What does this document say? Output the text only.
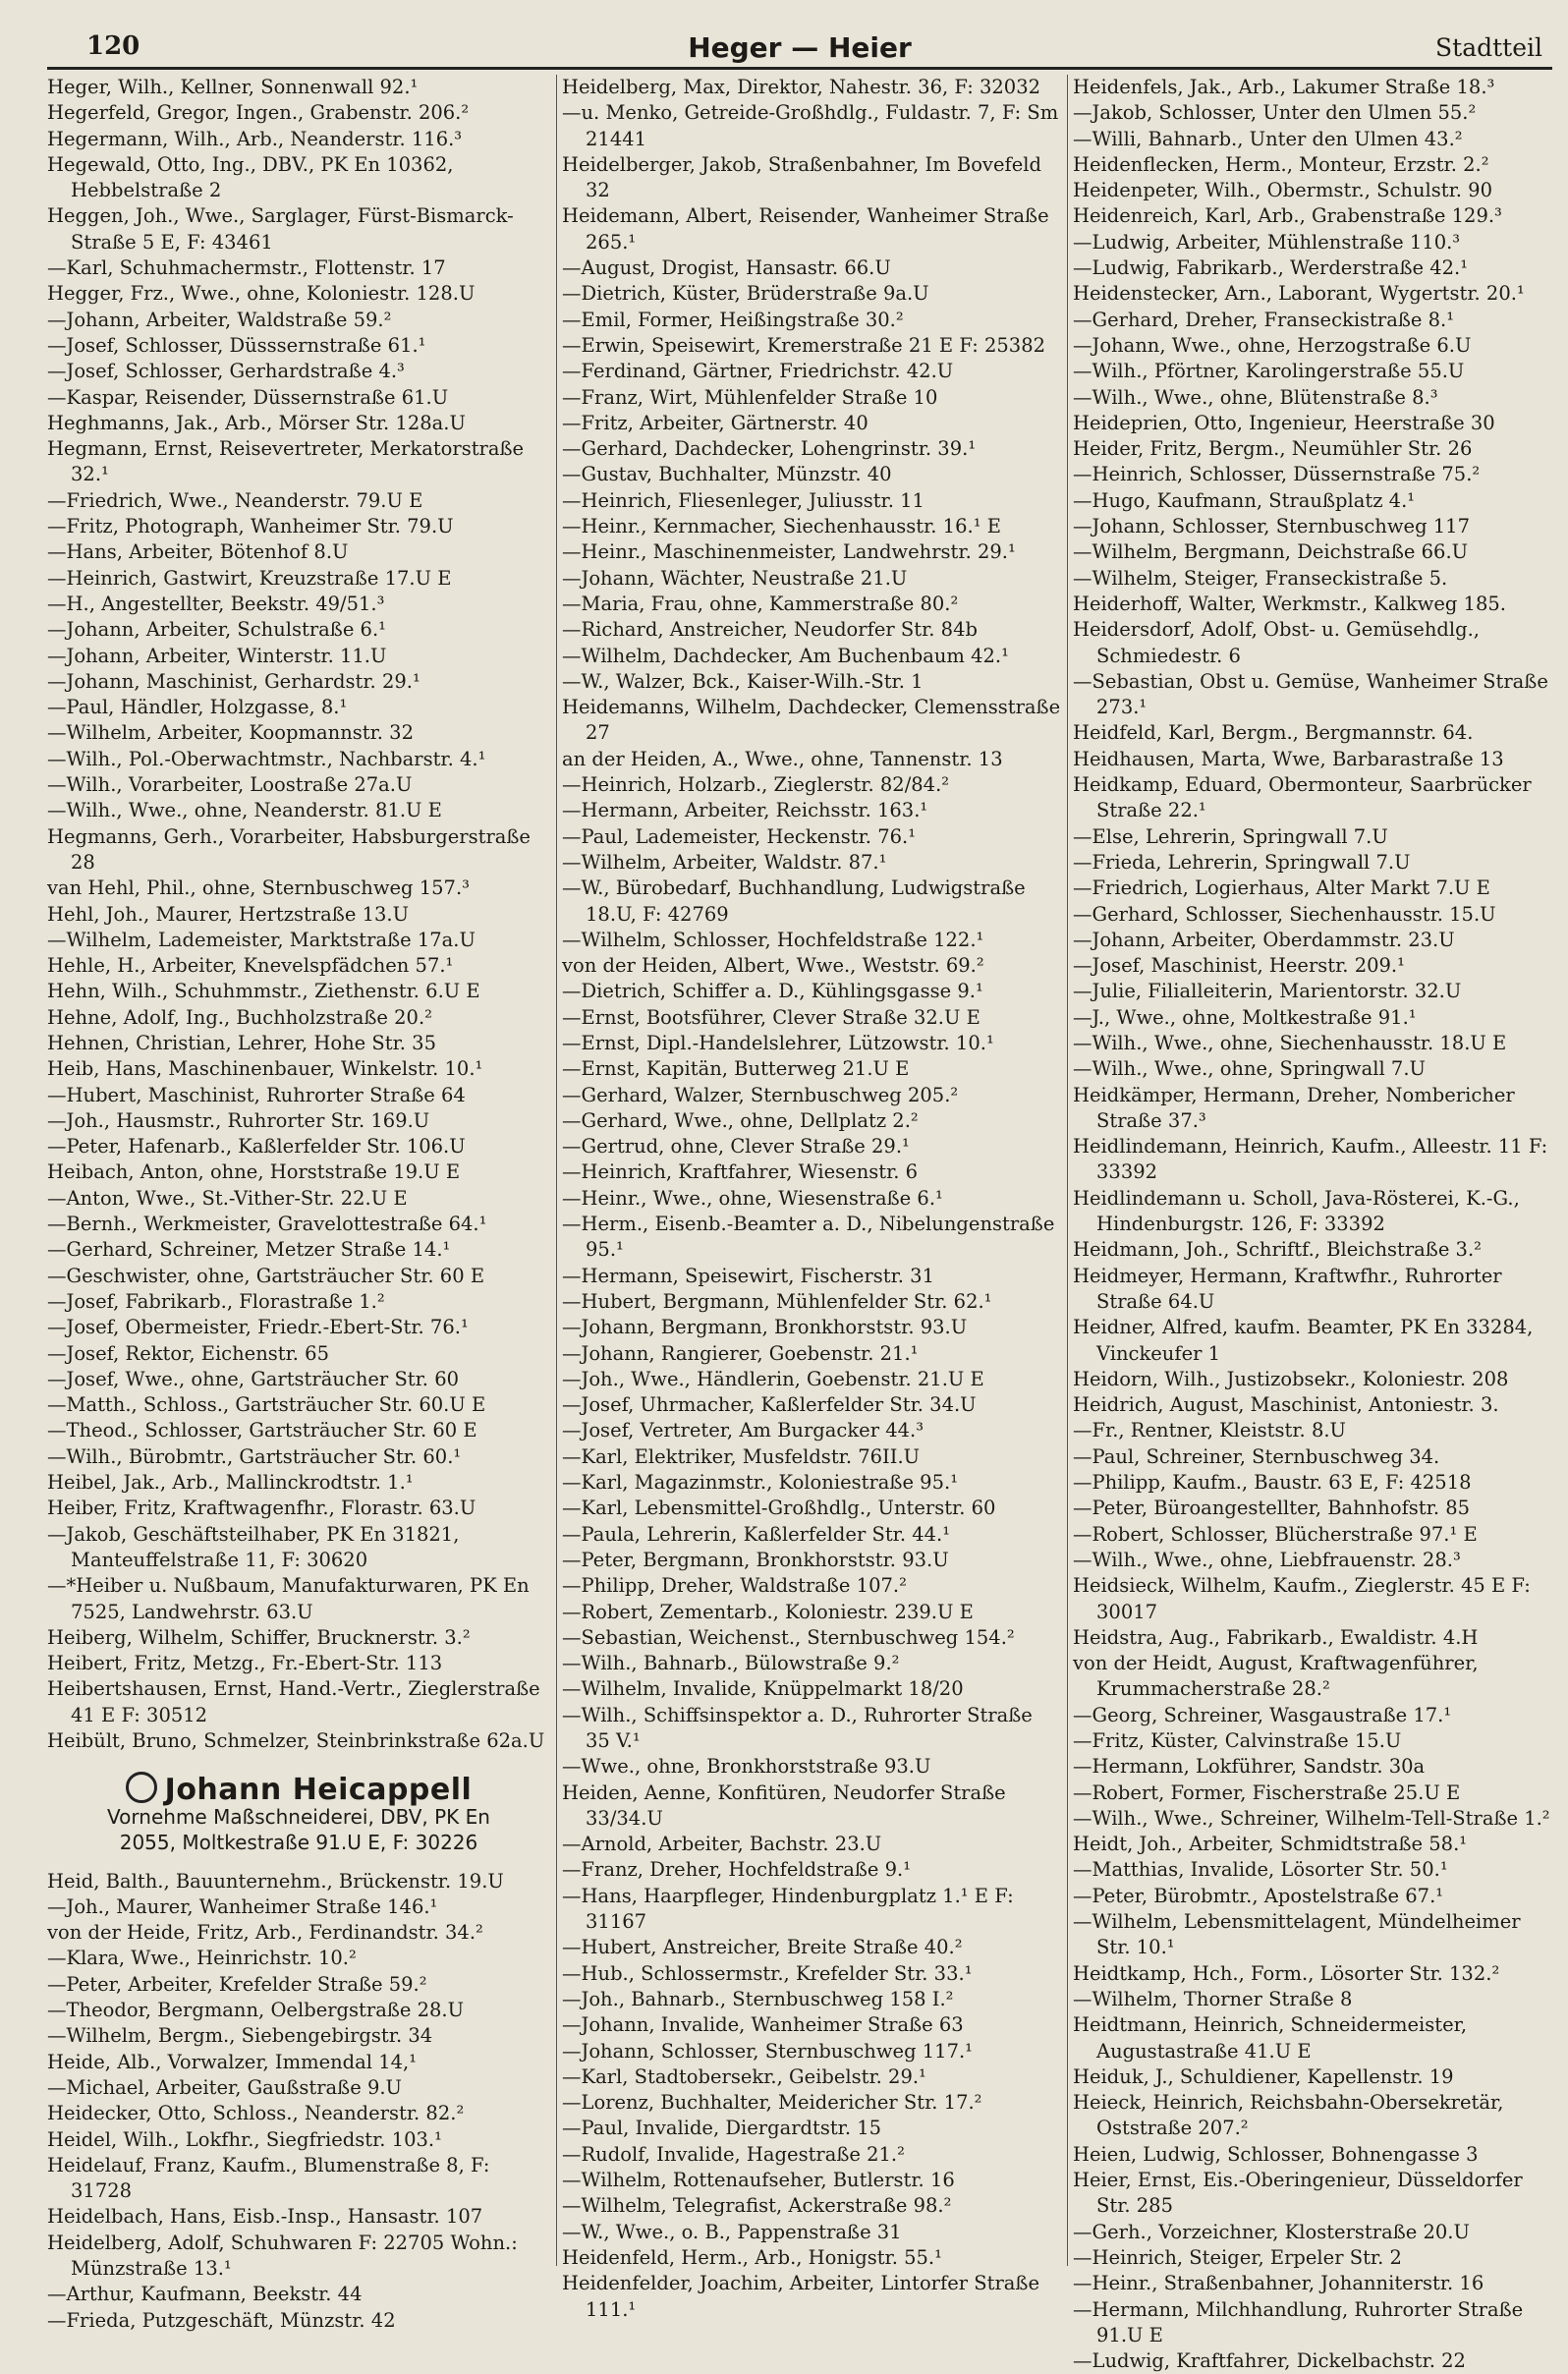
120	Heger — Heier	Stadtteil
Heger, Wilh., Kellner, Sonnenwall 92.¹
Hegerfeld, Gregor, Ingen., Grabenstr. 206.²
Hegermann, Wilh., Arb., Neanderstr. 116.³
Hegewald, Otto, Ing., DBV., PK En 10362, Hebbelstraße 2
Heggen, Joh., Wwe., Sarglager, Fürst-Bismarck-Straße 5 E, F: 43461
—Karl, Schuhmachermstr., Flottenstr. 17
Hegger, Frz., Wwe., ohne, Koloniestr. 128.U
—Johann, Arbeiter, Waldstraße 59.²
—Josef, Schlosser, Düsssernstraße 61.¹
—Josef, Schlosser, Gerhardstraße 4.³
—Kaspar, Reisender, Düssernstraße 61.U
Heghmanns, Jak., Arb., Mörser Str. 128a.U
Hegmann, Ernst, Reisevertreter, Merkatorstraße 32.¹
—Friedrich, Wwe., Neanderstr. 79.U E
—Fritz, Photograph, Wanheimer Str. 79.U
—Hans, Arbeiter, Bötenhof 8.U
—Heinrich, Gastwirt, Kreuzstraße 17.U E
—H., Angestellter, Beekstr. 49/51.³
—Johann, Arbeiter, Schulstraße 6.¹
—Johann, Arbeiter, Winterstr. 11.U
—Johann, Maschinist, Gerhardstr. 29.¹
—Paul, Händler, Holzgasse, 8.¹
—Wilhelm, Arbeiter, Koopmannstr. 32
—Wilh., Pol.-Oberwachtmstr., Nachbarstr. 4.¹
—Wilh., Vorarbeiter, Loostraße 27a.U
—Wilh., Wwe., ohne, Neanderstr. 81.U E
Hegmanns, Gerh., Vorarbeiter, Habsburgerstraße 28
van Hehl, Phil., ohne, Sternbuschweg 157.³
Hehl, Joh., Maurer, Hertzstraße 13.U
—Wilhelm, Lademeister, Marktstraße 17a.U
Hehle, H., Arbeiter, Knevelspfädchen 57.¹
Hehn, Wilh., Schuhmmstr., Ziethenstr. 6.U E
Hehne, Adolf, Ing., Buchholzstraße 20.²
Hehnen, Christian, Lehrer, Hohe Str. 35
Heib, Hans, Maschinenbauer, Winkelstr. 10.¹
—Hubert, Maschinist, Ruhrorter Straße 64
—Joh., Hausmstr., Ruhrorter Str. 169.U
—Peter, Hafenarb., Kaßlerfelder Str. 106.U
Heibach, Anton, ohne, Horststraße 19.U E
—Anton, Wwe., St.-Vither-Str. 22.U E
—Bernh., Werkmeister, Gravelottestraße 64.¹
—Gerhard, Schreiner, Metzer Straße 14.¹
—Geschwister, ohne, Gartsträucher Str. 60 E
—Josef, Fabrikarb., Florastraße 1.²
—Josef, Obermeister, Friedr.-Ebert-Str. 76.¹
—Josef, Rektor, Eichenstr. 65
—Josef, Wwe., ohne, Gartsträucher Str. 60
—Matth., Schloss., Gartsträucher Str. 60.U E
—Theod., Schlosser, Gartsträucher Str. 60 E
—Wilh., Bürobmtr., Gartsträucher Str. 60.¹
Heibel, Jak., Arb., Mallinckrodtstr. 1.¹
Heiber, Fritz, Kraftwagenfhr., Florastr. 63.U
—Jakob, Geschäftsteilhaber, PK En 31821, Manteuffelstraße 11, F: 30620
—*Heiber u. Nußbaum, Manufakturwaren, PK En 7525, Landwehrstr. 63.U
Heiberg, Wilhelm, Schiffer, Brucknerstr. 3.²
Heibert, Fritz, Metzg., Fr.-Ebert-Str. 113
Heibertshausen, Ernst, Hand.-Vertr., Zieglerstraße 41 E F: 30512
Heibült, Bruno, Schmelzer, Steinbrinkstraße 62a.U
Johann Heicappell
Vornehme Maßschneiderei, DBV, PK En
2055, Moltkestraße 91.U E, F: 30226
Heid, Balth., Bauunternehm., Brückenstr. 19.U
—Joh., Maurer, Wanheimer Straße 146.¹
von der Heide, Fritz, Arb., Ferdinandstr. 34.²
—Klara, Wwe., Heinrichstr. 10.²
—Peter, Arbeiter, Krefelder Straße 59.²
—Theodor, Bergmann, Oelbergstraße 28.U
—Wilhelm, Bergm., Siebengebirgstr. 34
Heide, Alb., Vorwalzer, Immendal 14,¹
—Michael, Arbeiter, Gaußstraße 9.U
Heidecker, Otto, Schloss., Neanderstr. 82.²
Heidel, Wilh., Lokfhr., Siegfriedstr. 103.¹
Heidelauf, Franz, Kaufm., Blumenstraße 8, F: 31728
Heidelbach, Hans, Eisb.-Insp., Hansastr. 107
Heidelberg, Adolf, Schuhwaren F: 22705 Wohn.: Münzstraße 13.¹
—Arthur, Kaufmann, Beekstr. 44
—Frieda, Putzgeschäft, Münzstr. 42
Heidelberg, Max, Direktor, Nahestr. 36, F: 32032
—u. Menko, Getreide-Großhdlg., Fuldastr. 7, F: Sm 21441
Heidelberger, Jakob, Straßenbahner, Im Bovefeld 32
Heidemann, Albert, Reisender, Wanheimer Straße 265.¹
—August, Drogist, Hansastr. 66.U
—Dietrich, Küster, Brüderstraße 9a.U
—Emil, Former, Heißingstraße 30.²
—Erwin, Speisewirt, Kremerstraße 21 E F: 25382
—Ferdinand, Gärtner, Friedrichstr. 42.U
—Franz, Wirt, Mühlenfelder Straße 10
—Fritz, Arbeiter, Gärtnerstr. 40
—Gerhard, Dachdecker, Lohengrinstr. 39.¹
—Gustav, Buchhalter, Münzstr. 40
—Heinrich, Fliesenleger, Juliusstr. 11
—Heinr., Kernmacher, Siechenhausstr. 16.¹ E
—Heinr., Maschinenmeister, Landwehrstr. 29.¹
—Johann, Wächter, Neustraße 21.U
—Maria, Frau, ohne, Kammerstraße 80.²
—Richard, Anstreicher, Neudorfer Str. 84b
—Wilhelm, Dachdecker, Am Buchenbaum 42.¹
—W., Walzer, Bck., Kaiser-Wilh.-Str. 1
Heidemanns, Wilhelm, Dachdecker, Clemensstraße 27
an der Heiden, A., Wwe., ohne, Tannenstr. 13
—Heinrich, Holzarb., Zieglerstr. 82/84.²
—Hermann, Arbeiter, Reichsstr. 163.¹
—Paul, Lademeister, Heckenstr. 76.¹
—Wilhelm, Arbeiter, Waldstr. 87.¹
—W., Bürobedarf, Buchhandlung, Ludwigstraße 18.U, F: 42769
—Wilhelm, Schlosser, Hochfeldstraße 122.¹
von der Heiden, Albert, Wwe., Weststr. 69.²
—Dietrich, Schiffer a. D., Kühlingsgasse 9.¹
—Ernst, Bootsführer, Clever Straße 32.U E
—Ernst, Dipl.-Handelslehrer, Lützowstr. 10.¹
—Ernst, Kapitän, Butterweg 21.U E
—Gerhard, Walzer, Sternbuschweg 205.²
—Gerhard, Wwe., ohne, Dellplatz 2.²
—Gertrud, ohne, Clever Straße 29.¹
—Heinrich, Kraftfahrer, Wiesenstr. 6
—Heinr., Wwe., ohne, Wiesenstraße 6.¹
—Herm., Eisenb.-Beamter a. D., Nibelungenstraße 95.¹
—Hermann, Speisewirt, Fischerstr. 31
—Hubert, Bergmann, Mühlenfelder Str. 62.¹
—Johann, Bergmann, Bronkhorststr. 93.U
—Johann, Rangierer, Goebenstr. 21.¹
—Joh., Wwe., Händlerin, Goebenstr. 21.U E
—Josef, Uhrmacher, Kaßlerfelder Str. 34.U
—Josef, Vertreter, Am Burgacker 44.³
—Karl, Elektriker, Musfeldstr. 76II.U
—Karl, Magazinmstr., Koloniestraße 95.¹
—Karl, Lebensmittel-Großhdlg., Unterstr. 60
—Paula, Lehrerin, Kaßlerfelder Str. 44.¹
—Peter, Bergmann, Bronkhorststr. 93.U
—Philipp, Dreher, Waldstraße 107.²
—Robert, Zementarb., Koloniestr. 239.U E
—Sebastian, Weichenst., Sternbuschweg 154.²
—Wilh., Bahnarb., Bülowstraße 9.²
—Wilhelm, Invalide, Knüppelmarkt 18/20
—Wilh., Schiffsinspektor a. D., Ruhrorter Straße 35 V.¹
—Wwe., ohne, Bronkhorststraße 93.U
Heiden, Aenne, Konfitüren, Neudorfer Straße 33/34.U
—Arnold, Arbeiter, Bachstr. 23.U
—Franz, Dreher, Hochfeldstraße 9.¹
—Hans, Haarpfleger, Hindenburgplatz 1.¹ E F: 31167
—Hubert, Anstreicher, Breite Straße 40.²
—Hub., Schlossermstr., Krefelder Str. 33.¹
—Joh., Bahnarb., Sternbuschweg 158 I.²
—Johann, Invalide, Wanheimer Straße 63
—Johann, Schlosser, Sternbuschweg 117.¹
—Karl, Stadtobersekr., Geibelstr. 29.¹
—Lorenz, Buchhalter, Meidericher Str. 17.²
—Paul, Invalide, Diergardtstr. 15
—Rudolf, Invalide, Hagestraße 21.²
—Wilhelm, Rottenaufseher, Butlerstr. 16
—Wilhelm, Telegrafist, Ackerstraße 98.²
—W., Wwe., o. B., Pappenstraße 31
Heidenfeld, Herm., Arb., Honigstr. 55.¹
Heidenfelder, Joachim, Arbeiter, Lintorfer Straße 111.¹
Heidenfels, Jak., Arb., Lakumer Straße 18.³
—Jakob, Schlosser, Unter den Ulmen 55.²
—Willi, Bahnarb., Unter den Ulmen 43.²
Heidenflecken, Herm., Monteur, Erzstr. 2.²
Heidenpeter, Wilh., Obermstr., Schulstr. 90
Heidenreich, Karl, Arb., Grabenstraße 129.³
—Ludwig, Arbeiter, Mühlenstraße 110.³
—Ludwig, Fabrikarb., Werderstraße 42.¹
Heidenstecker, Arn., Laborant, Wygertstr. 20.¹
—Gerhard, Dreher, Franseckistraße 8.¹
—Johann, Wwe., ohne, Herzogstraße 6.U
—Wilh., Pförtner, Karolingerstraße 55.U
—Wilh., Wwe., ohne, Blütenstraße 8.³
Heideprien, Otto, Ingenieur, Heerstraße 30
Heider, Fritz, Bergm., Neumühler Str. 26
—Heinrich, Schlosser, Düssernstraße 75.²
—Hugo, Kaufmann, Straußplatz 4.¹
—Johann, Schlosser, Sternbuschweg 117
—Wilhelm, Bergmann, Deichstraße 66.U
—Wilhelm, Steiger, Franseckistraße 5.
Heiderhoff, Walter, Werkmstr., Kalkweg 185.
Heidersdorf, Adolf, Obst- u. Gemüsehdlg., Schmiedestr. 6
—Sebastian, Obst u. Gemüse, Wanheimer Straße 273.¹
Heidfeld, Karl, Bergm., Bergmannstr. 64.
Heidhausen, Marta, Wwe, Barbarastraße 13
Heidkamp, Eduard, Obermonteur, Saarbrücker Straße 22.¹
—Else, Lehrerin, Springwall 7.U
—Frieda, Lehrerin, Springwall 7.U
—Friedrich, Logierhaus, Alter Markt 7.U E
—Gerhard, Schlosser, Siechenhausstr. 15.U
—Johann, Arbeiter, Oberdammstr. 23.U
—Josef, Maschinist, Heerstr. 209.¹
—Julie, Filialleiterin, Marientorstr. 32.U
—J., Wwe., ohne, Moltkestraße 91.¹
—Wilh., Wwe., ohne, Siechenhausstr. 18.U E
—Wilh., Wwe., ohne, Springwall 7.U
Heidkämper, Hermann, Dreher, Nombericher Straße 37.³
Heidlindemann, Heinrich, Kaufm., Alleestr. 11 F: 33392
Heidlindemann u. Scholl, Java-Rösterei, K.-G., Hindenburgstr. 126, F: 33392
Heidmann, Joh., Schriftf., Bleichstraße 3.²
Heidmeyer, Hermann, Kraftwfhr., Ruhrorter Straße 64.U
Heidner, Alfred, kaufm. Beamter, PK En 33284, Vinckeufer 1
Heidorn, Wilh., Justizobsekr., Koloniestr. 208
Heidrich, August, Maschinist, Antoniestr. 3.
—Fr., Rentner, Kleiststr. 8.U
—Paul, Schreiner, Sternbuschweg 34.
—Philipp, Kaufm., Baustr. 63 E, F: 42518
—Peter, Büroangestellter, Bahnhofstr. 85
—Robert, Schlosser, Blücherstraße 97.¹ E
—Wilh., Wwe., ohne, Liebfrauenstr. 28.³
Heidsieck, Wilhelm, Kaufm., Zieglerstr. 45 E F: 30017
Heidstra, Aug., Fabrikarb., Ewaldistr. 4.H
von der Heidt, August, Kraftwagenführer, Krummacherstraße 28.²
—Georg, Schreiner, Wasgaustraße 17.¹
—Fritz, Küster, Calvinstraße 15.U
—Hermann, Lokführer, Sandstr. 30a
—Robert, Former, Fischerstraße 25.U E
—Wilh., Wwe., Schreiner, Wilhelm-Tell-Straße 1.²
Heidt, Joh., Arbeiter, Schmidtstraße 58.¹
—Matthias, Invalide, Lösorter Str. 50.¹
—Peter, Bürobmtr., Apostelstraße 67.¹
—Wilhelm, Lebensmittelagent, Mündelheimer Str. 10.¹
Heidtkamp, Hch., Form., Lösorter Str. 132.²
—Wilhelm, Thorner Straße 8
Heidtmann, Heinrich, Schneidermeister, Augustastraße 41.U E
Heiduk, J., Schuldiener, Kapellenstr. 19
Heieck, Heinrich, Reichsbahn-Obersekretär, Oststraße 207.²
Heien, Ludwig, Schlosser, Bohnengasse 3
Heier, Ernst, Eis.-Oberingenieur, Düsseldorfer Str. 285
—Gerh., Vorzeichner, Klosterstraße 20.U
—Heinrich, Steiger, Erpeler Str. 2
—Heinr., Straßenbahner, Johanniterstr. 16
—Hermann, Milchhandlung, Ruhrorter Straße 91.U E
—Ludwig, Kraftfahrer, Dickelbachstr. 22
